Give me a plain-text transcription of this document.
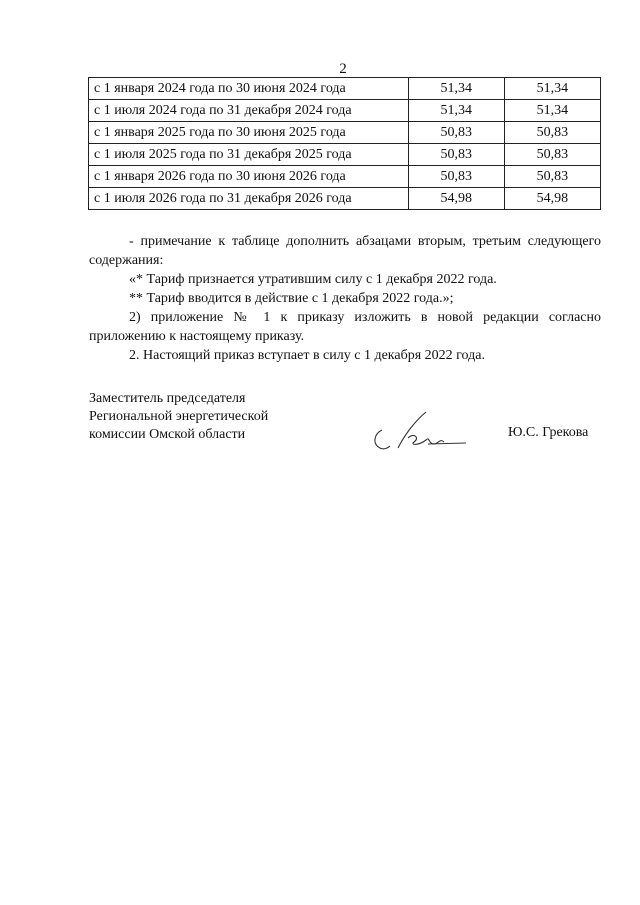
2
с 1 января 2024 года по 30 июня 2024 года	51,34	51,34
с 1 июля 2024 года по 31 декабря 2024 года	51,34	51,34
с 1 января 2025 года по 30 июня 2025 года	50,83	50,83
с 1 июля 2025 года по 31 декабря 2025 года	50,83	50,83
с 1 января 2026 года по 30 июня 2026 года	50,83	50,83
с 1 июля 2026 года по 31 декабря 2026 года	54,98	54,98

- примечание к таблице дополнить абзацами вторым, третьим следующего содержания:

«* Тариф признается утратившим силу с 1 декабря 2022 года.

** Тариф вводится в действие с 1 декабря 2022 года.»;

2) приложение № 1 к приказу изложить в новой редакции согласно приложению к настоящему приказу.

2. Настоящий приказ вступает в силу с 1 декабря 2022 года.

Заместитель председателя
Региональной энергетической
комиссии Омской области	Ю.С. Грекова
